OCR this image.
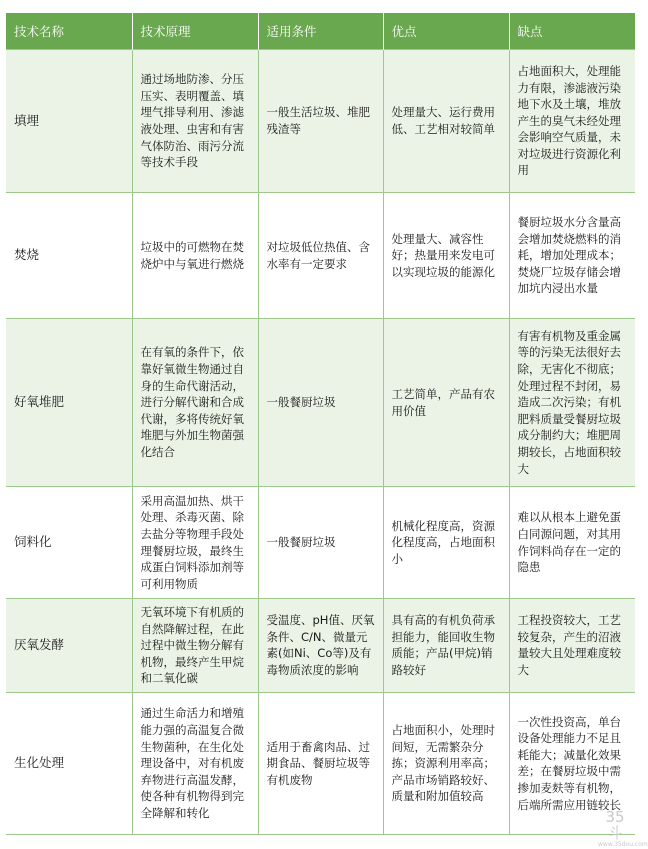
技术名称	技术原理	适用条件	优点	缺点
填埋	通过场地防渗、分压压实、表明覆盖、填埋气排导利用、渗滤液处理、虫害和有害气体防治、雨污分流等技术手段	一般生活垃圾、堆肥残渣等	处理量大、运行费用低、工艺相对较简单	占地面积大，处理能力有限，渗滤液污染地下水及土壤，堆放产生的臭气未经处理会影响空气质量，未对垃圾进行资源化利用
焚烧	垃圾中的可燃物在焚烧炉中与氧进行燃烧	对垃圾低位热值、含水率有一定要求	处理量大、减容性好；热量用来发电可以实现垃圾的能源化	餐厨垃圾水分含量高会增加焚烧燃料的消耗，增加处理成本；焚烧厂垃圾存储会增加坑内浸出水量
好氧堆肥	在有氧的条件下，依靠好氧微生物通过自身的生命代谢活动，进行分解代谢和合成代谢，多将传统好氧堆肥与外加生物菌强化结合	一般餐厨垃圾	工艺简单，产品有农用价值	有害有机物及重金属等的污染无法很好去除，无害化不彻底；处理过程不封闭，易造成二次污染；有机肥料质量受餐厨垃圾成分制约大；堆肥周期较长，占地面积较大
饲料化	采用高温加热、烘干处理、杀毒灭菌、除去盐分等物理手段处理餐厨垃圾，最终生成蛋白饲料添加剂等可利用物质	一般餐厨垃圾	机械化程度高，资源化程度高，占地面积小	难以从根本上避免蛋白同源问题，对其用作饲料尚存在一定的隐患
厌氧发酵	无氧环境下有机质的自然降解过程，在此过程中微生物分解有机物，最终产生甲烷和二氧化碳	受温度、pH值、厌氧条件、C/N、微量元素(如Ni、Co等)及有毒物质浓度的影响	具有高的有机负荷承担能力，能回收生物质能；产品(甲烷)销路较好	工程投资较大，工艺较复杂，产生的沼液量较大且处理难度较大
生化处理	通过生命活力和增殖能力强的高温复合微生物菌种，在生化处理设备中，对有机废弃物进行高温发酵，使各种有机物得到完全降解和转化	适用于畜禽肉品、过期食品、餐厨垃圾等有机废物	占地面积小，处理时间短，无需繁杂分拣；资源利用率高；产品市场销路较好、质量和附加值较高	一次性投资高，单台设备处理能力不足且耗能大；减量化效果差；在餐厨垃圾中需掺加麦麸等有机物，后端所需应用链较长
35斗
www.35dou.com
